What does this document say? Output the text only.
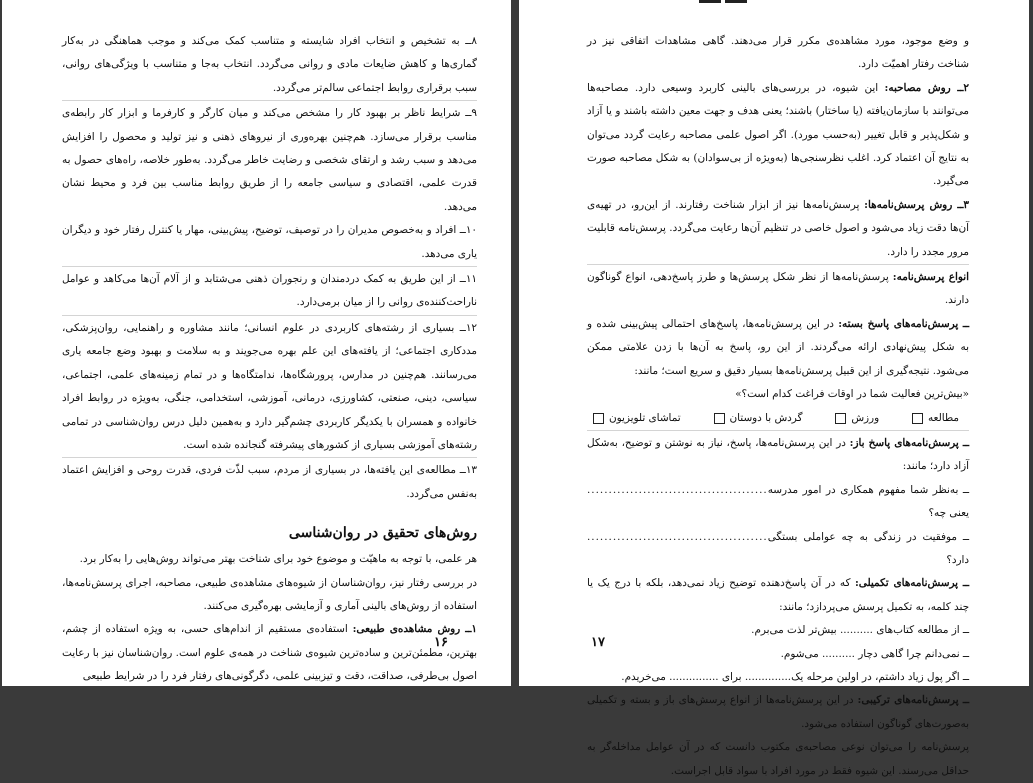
۸ــ به تشخیص و انتخاب افراد شایسته و متناسب کمک می‌کند و موجب هماهنگی در به‌کار گماری‌ها و کاهش ضایعات مادی و روانی می‌گردد. انتخاب به‌جا و متناسب با ویژگی‌های روانی، سبب برقراری روابط اجتماعی سالم‌تر می‌گردد.

۹ــ شرایط ناظر بر بهبود کار را مشخص می‌کند و میان کارگر و کارفرما و ابزار کار رابطه‌ی مناسب برقرار می‌سازد. هم‌چنین بهره‌وری از نیروهای ذهنی و نیز تولید و محصول را افزایش می‌دهد و سبب رشد و ارتقای شخصی و رضایت خاطر می‌گردد. به‌طور خلاصه، راه‌های حصول به قدرت علمی، اقتصادی و سیاسی جامعه را از طریق روابط مناسب بین فرد و محیط نشان می‌دهد.

۱۰ــ افراد و به‌خصوص مدیران را در توصیف، توضیح، پیش‌بینی، مهار یا کنترل رفتار خود و دیگران یاری می‌دهد.

۱۱ــ از این طریق به کمک دردمندان و رنجوران ذهنی می‌شتابد و از آلام آن‌ها می‌کاهد و عوامل ناراحت‌کننده‌ی روانی را از میان برمی‌دارد.

۱۲ــ بسیاری از رشته‌های کاربردی در علوم انسانی؛ مانند مشاوره و راهنمایی، روان‌پزشکی، مددکاری اجتماعی؛ از یافته‌های این علم بهره می‌جویند و به سلامت و بهبود وضع جامعه یاری می‌رسانند. هم‌چنین در مدارس، پرورشگاه‌ها، ندامتگاه‌ها و در تمام زمینه‌های علمی، اجتماعی، سیاسی، دینی، صنعتی، کشاورزی، درمانی، آموزشی، استخدامی، جنگی، به‌ویژه در روابط افراد خانواده و همسران با یکدیگر کاربردی چشم‌گیر دارد و به‌همین دلیل درس روان‌شناسی در تمامی رشته‌های آموزشی بسیاری از کشورهای پیشرفته گنجانده شده است.

۱۳ــ مطالعه‌ی این یافته‌ها، در بسیاری از مردم، سبب لذّت فردی، قدرت روحی و افزایش اعتماد به‌نفس می‌گردد.

روش‌های تحقیق در روان‌شناسی

هر علمی، با توجه به ماهیّت و موضوع خود برای شناخت بهتر می‌تواند روش‌هایی را به‌کار برد.

در بررسی رفتار نیز، روان‌شناسان از شیوه‌های مشاهده‌ی طبیعی، مصاحبه، اجرای پرسش‌نامه‌ها، استفاده از روش‌های بالینی آماری و آزمایشی بهره‌گیری می‌کنند.

۱ــ روش مشاهده‌ی طبیعی: استفاده‌ی مستقیم از اندام‌های حسی، به ویژه استفاده از چشم، بهترین، مطمئن‌ترین و ساده‌ترین شیوه‌ی شناخت در همه‌ی علوم است. روان‌شناسان نیز با رعایت اصول بی‌طرفی، صداقت، دقت و تیزبینی علمی، دگرگونی‌های رفتار فرد را در شرایط طبیعی

۱۶

و وضع موجود، مورد مشاهده‌ی مکرر قرار می‌دهند. گاهی مشاهدات اتفاقی نیز در شناخت رفتار اهمیّت دارد.

۲ــ روش مصاحبه: این شیوه، در بررسی‌های بالینی کاربرد وسیعی دارد. مصاحبه‌ها می‌توانند با سازمان‌یافته (یا ساختار) باشند؛ یعنی هدف و جهت معین داشته باشند و یا آزاد و شکل‌پذیر و قابل تغییر (به‌حسب مورد). اگر اصول علمی مصاحبه رعایت گردد می‌توان به نتایج آن اعتماد کرد. اغلب نظرسنجی‌ها (به‌ویژه از بی‌سوادان) به شکل مصاحبه صورت می‌گیرد.

۳ــ روش پرسش‌نامه‌ها: پرسش‌نامه‌ها نیز از ابزار شناخت رفتارند. از این‌رو، در تهیه‌ی آن‌ها دقت زیاد می‌شود و اصول خاصی در تنظیم آن‌ها رعایت می‌گردد. پرسش‌نامه قابلیت مرور مجدد را دارد.

انواع پرسش‌نامه: پرسش‌نامه‌ها از نظر شکل پرسش‌ها و طرز پاسخ‌دهی، انواع گوناگون دارند.

ــ پرسش‌نامه‌های پاسخ بسته: در این پرسش‌نامه‌ها، پاسخ‌های احتمالی پیش‌بینی شده و به شکل پیش‌نهادی ارائه می‌گردند. از این رو، پاسخ به آن‌ها با زدن علامتی ممکن می‌شود. نتیجه‌گیری از این قبیل پرسش‌نامه‌ها بسیار دقیق و سریع است؛ مانند:

«بیش‌ترین فعالیت شما در اوقات فراغت کدام است؟»

مطالعه
ورزش
گردش با دوستان
تماشای تلویزیون

ــ پرسش‌نامه‌های پاسخ باز: در این پرسش‌نامه‌ها، پاسخ، نیاز به نوشتن و توضیح، به‌شکل آزاد دارد؛ مانند:

ــ به‌نظر شما مفهوم همکاری در امور مدرسه یعنی چه؟
..........................................
ــ موفقیت در زندگی به چه عواملی بستگی دارد؟
..........................................

ــ پرسش‌نامه‌های تکمیلی: که در آن پاسخ‌دهنده توضیح زیاد نمی‌دهد، بلکه با درج یک یا چند کلمه، به تکمیل پرسش می‌پردازد؛ مانند:

ــ از مطالعه کتاب‌های .......... بیش‌تر لذت می‌برم.

ــ نمی‌دانم چرا گاهی دچار .......... می‌شوم.

ــ اگر پول زیاد داشتم، در اولین مرحله یک.............. برای ............... می‌خریدم.

ــ پرسش‌نامه‌های ترکیبی: در این پرسش‌نامه‌ها از انواع پرسش‌های باز و بسته و تکمیلی به‌صورت‌های گوناگون استفاده می‌شود.

پرسش‌نامه را می‌توان نوعی مصاحبه‌ی مکتوب دانست که در آن عوامل مداخله‌گر به حداقل می‌رسند. این شیوه فقط در مورد افراد با سواد قابل اجراست.

۱۷
